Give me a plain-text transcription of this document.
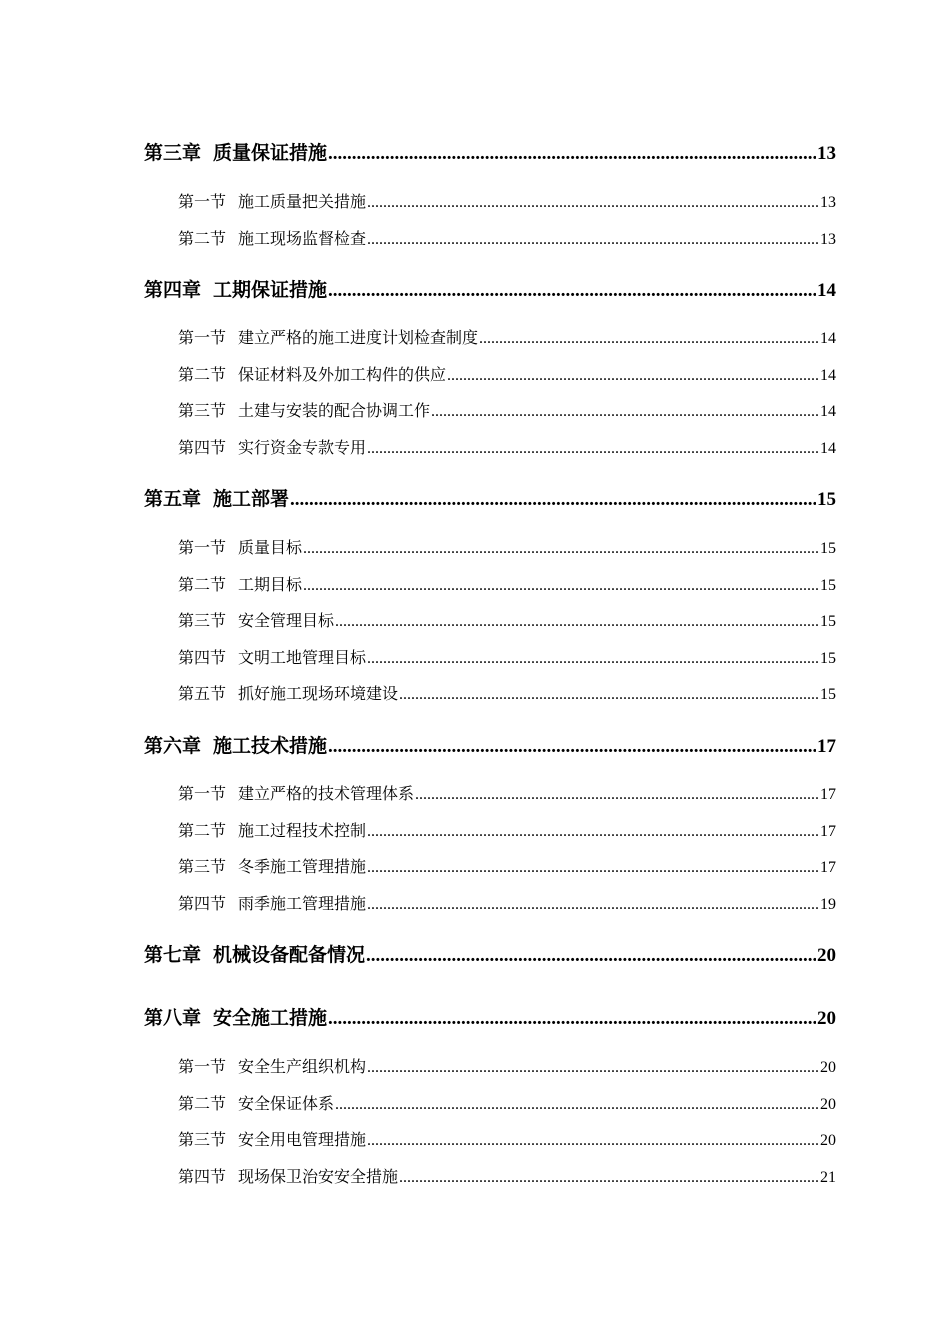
第三章 质量保证措施 .....	13
第一节 施工质量把关措施 .....	13
第二节 施工现场监督检查 .....	13
第四章 工期保证措施 .....	14
第一节 建立严格的施工进度计划检查制度 .....	14
第二节 保证材料及外加工构件的供应 .....	14
第三节 土建与安装的配合协调工作 .....	14
第四节 实行资金专款专用 .....	14
第五章 施工部署 .....	15
第一节 质量目标 .....	15
第二节 工期目标 .....	15
第三节 安全管理目标 .....	15
第四节 文明工地管理目标 .....	15
第五节 抓好施工现场环境建设 .....	15
第六章 施工技术措施 .....	17
第一节 建立严格的技术管理体系 .....	17
第二节 施工过程技术控制 .....	17
第三节 冬季施工管理措施 .....	17
第四节 雨季施工管理措施 .....	19
第七章 机械设备配备情况 .....	20
第八章 安全施工措施 .....	20
第一节 安全生产组织机构 .....	20
第二节 安全保证体系 .....	20
第三节 安全用电管理措施 .....	20
第四节 现场保卫治安安全措施 .....	21
